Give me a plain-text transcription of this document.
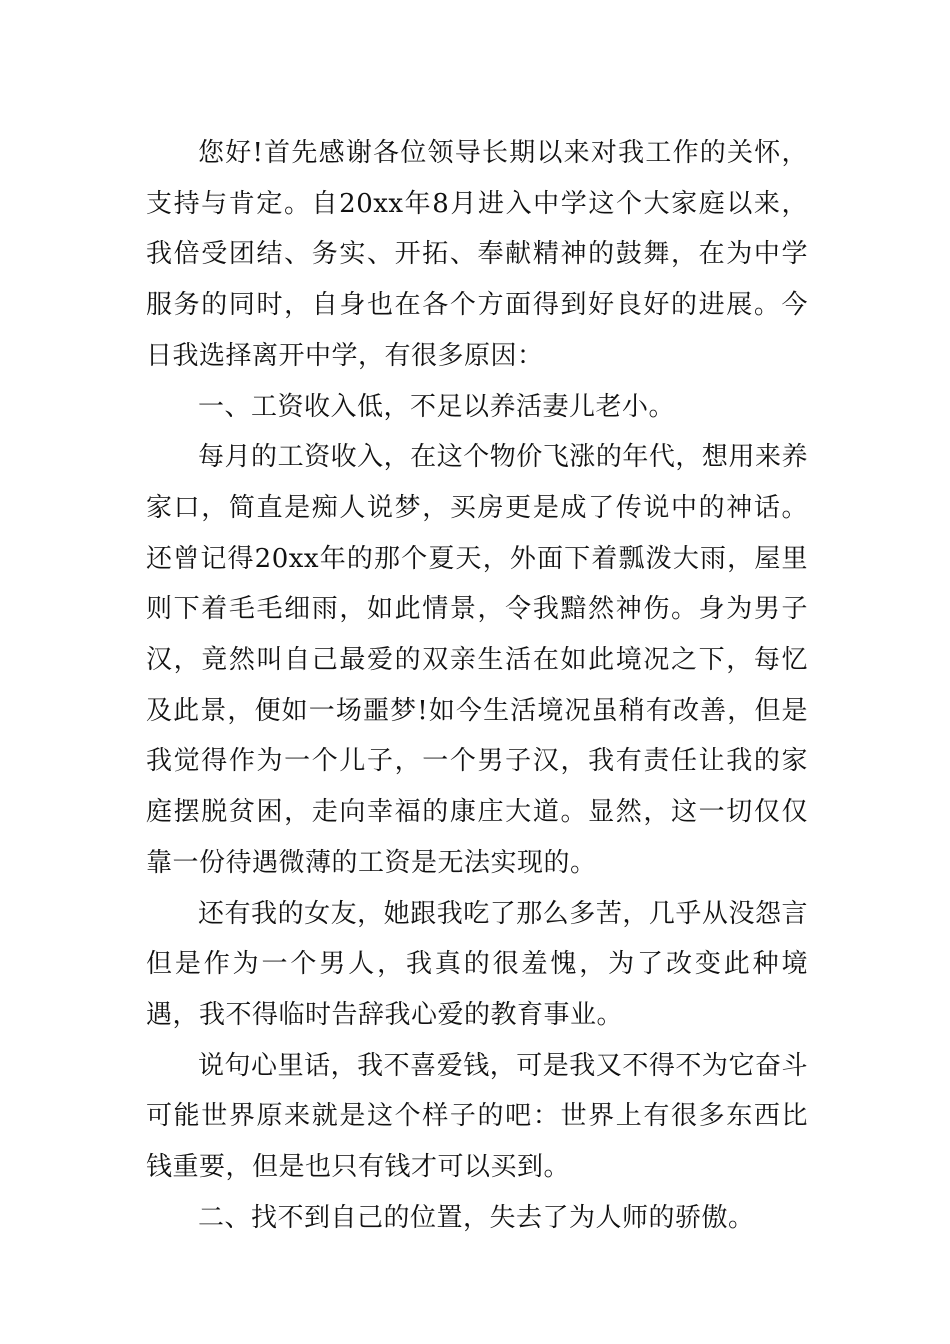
您好!首先感谢各位领导长期以来对我工作的关怀，支持与肯定。自20xx年8月进入中学这个大家庭以来，我倍受团结、务实、开拓、奉献精神的鼓舞，在为中学服务的同时，自身也在各个方面得到好良好的进展。今日我选择离开中学，有很多原因：

一、工资收入低，不足以养活妻儿老小。

每月的工资收入，在这个物价飞涨的年代，想用来养家口，简直是痴人说梦，买房更是成了传说中的神话。还曾记得20xx年的那个夏天，外面下着瓢泼大雨，屋里则下着毛毛细雨，如此情景，令我黯然神伤。身为男子汉，竟然叫自己最爱的双亲生活在如此境况之下，每忆及此景，便如一场噩梦!如今生活境况虽稍有改善，但是我觉得作为一个儿子，一个男子汉，我有责任让我的家庭摆脱贫困，走向幸福的康庄大道。显然，这一切仅仅靠一份待遇微薄的工资是无法实现的。

还有我的女友，她跟我吃了那么多苦，几乎从没怨言但是作为一个男人，我真的很羞愧，为了改变此种境遇，我不得临时告辞我心爱的教育事业。

说句心里话，我不喜爱钱，可是我又不得不为它奋斗可能世界原来就是这个样子的吧：世界上有很多东西比钱重要，但是也只有钱才可以买到。

二、找不到自己的位置，失去了为人师的骄傲。
